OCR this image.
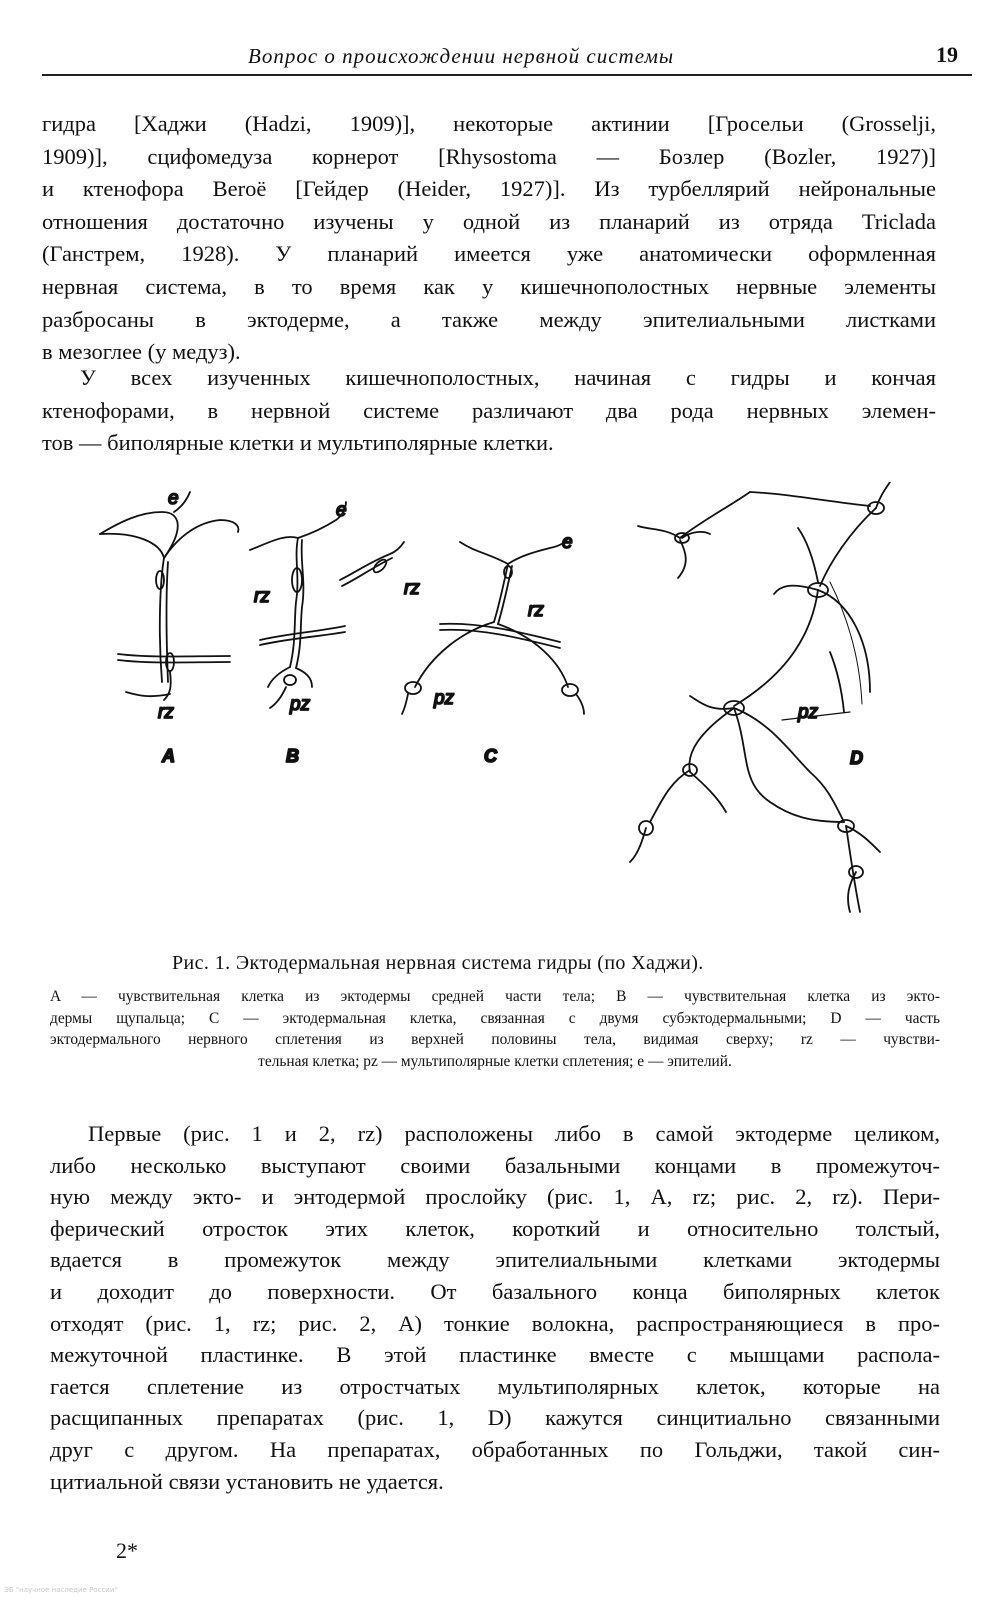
Вопрос о происхождении нервной системы	19

гидра [Хаджи (Hadzi, 1909)], некоторые актинии [Гросельи (Grosselji,
1909)], сцифомедуза корнерот [Rhysostoma — Бозлер (Bozler, 1927)]
и ктенофора Beroë [Гейдер (Heider, 1927)]. Из турбеллярий нейрональные
отношения достаточно изучены у одной из планарий из отряда Triclada
(Ганстрем, 1928). У планарий имеется уже анатомически оформленная
нервная система, в то время как у кишечнополостных нервные элементы
разбросаны в эктодерме, а также между эпителиальными листками
в мезоглее (у медуз).

У всех изученных кишечнополостных, начиная с гидры и кончая
ктенофорами, в нервной системе различают два рода нервных элемен-
тов — биполярные клетки и мультиполярные клетки.

e
rz
A
e
rz	rz
pz
B
e
rz
pz
C
pz
D
Рис. 1. Эктодермальная нервная система гидры (по Хаджи).
A — чувствительная клетка из эктодермы средней части тела; B — чувствительная клетка из экто-
дермы щупальца; C — эктодермальная клетка, связанная с двумя субэктодермальными; D — часть
эктодермального нервного сплетения из верхней половины тела, видимая сверху; rz — чувстви-
тельная клетка; pz — мультиполярные клетки сплетения; e — эпителий.

Первые (рис. 1 и 2, rz) расположены либо в самой эктодерме целиком,
либо несколько выступают своими базальными концами в промежуточ-
ную между экто- и энтодермой прослойку (рис. 1, A, rz; рис. 2, rz). Пери-
ферический отросток этих клеток, короткий и относительно толстый,
вдается в промежуток между эпителиальными клетками эктодермы
и доходит до поверхности. От базального конца биполярных клеток
отходят (рис. 1, rz; рис. 2, A) тонкие волокна, распространяющиеся в про-
межуточной пластинке. В этой пластинке вместе с мышцами распола-
гается сплетение из отростчатых мультиполярных клеток, которые на
расщипанных препаратах (рис. 1, D) кажутся синцитиально связанными
друг с другом. На препаратах, обработанных по Гольджи, такой син-
цитиальной связи установить не удается.

2*
ЭБ "научное наследие России"
